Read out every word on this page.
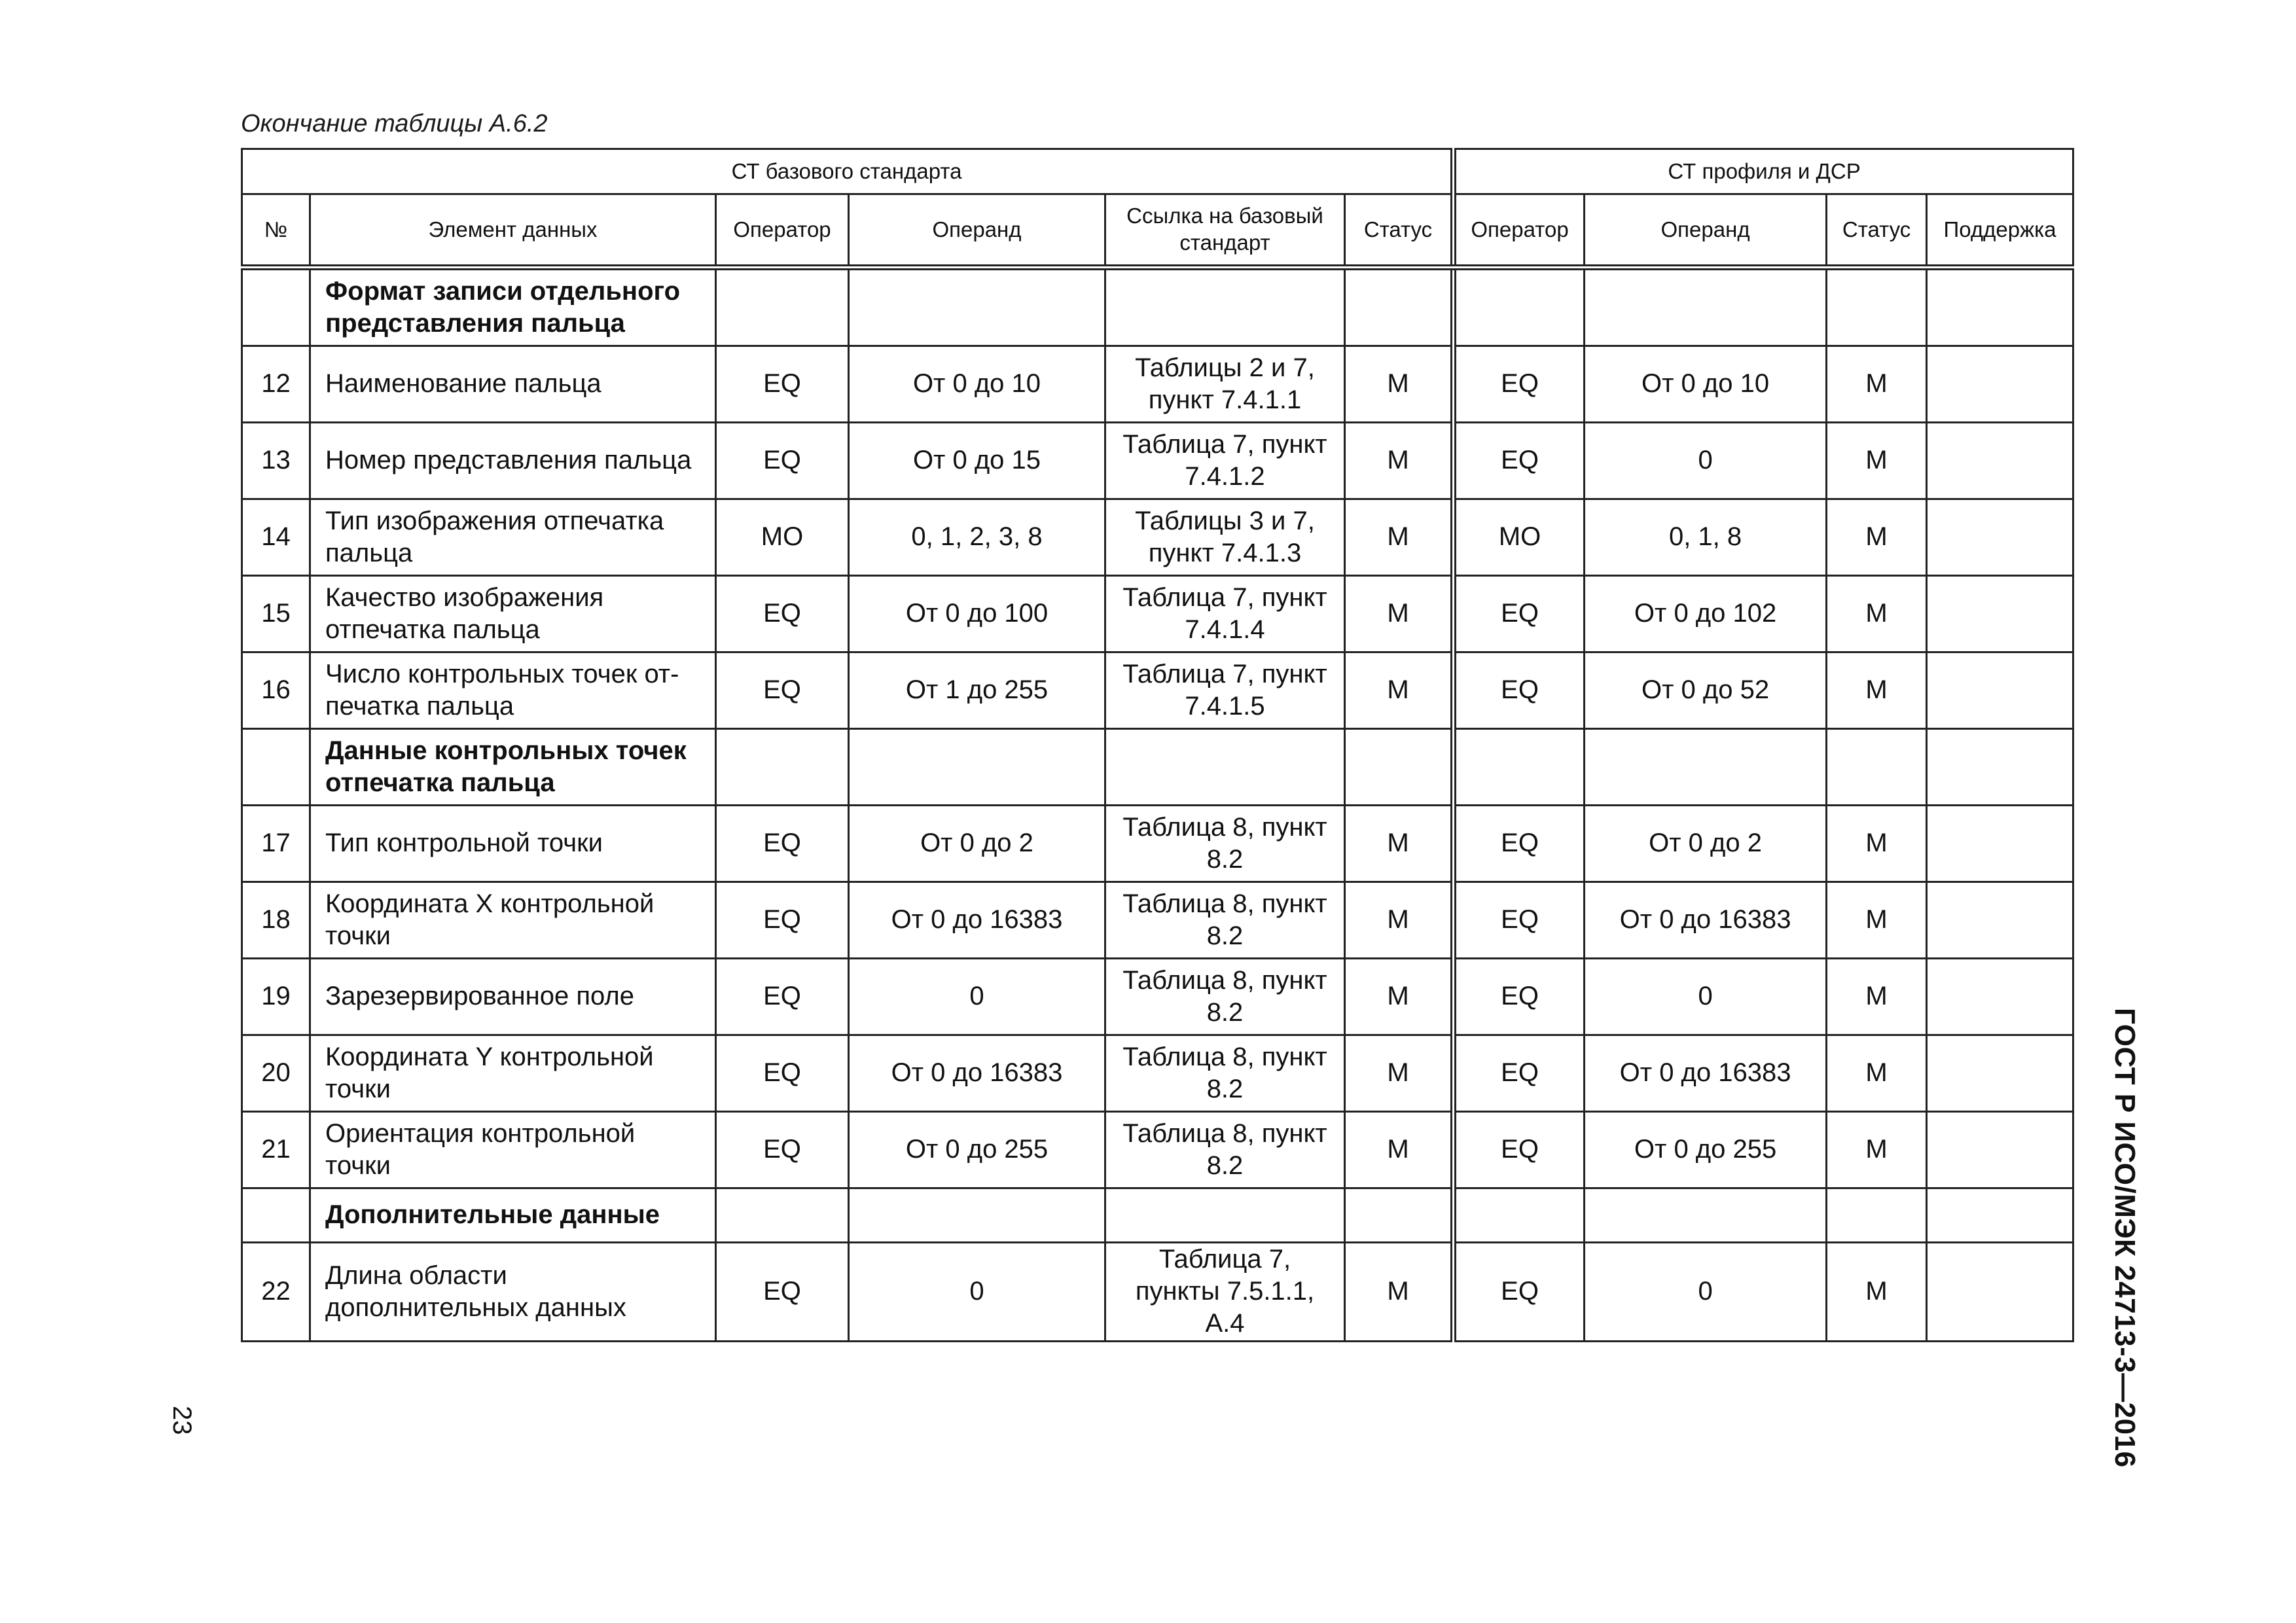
Окончание таблицы А.6.2
СТ базового стандарта						СТ профиля и ДСР			
№	Элемент данных	Оператор	Операнд	Ссылка на базовый стандарт	Статус	Оператор	Операнд	Статус	Поддержка
	Формат записи отдельного представления пальца								
12	Наименование пальца	EQ	От 0 до 10	Таблицы 2 и 7, пункт 7.4.1.1	M	EQ	От 0 до 10	M	
13	Номер представления пальца	EQ	От 0 до 15	Таблица 7, пункт 7.4.1.2	M	EQ	0	M	
14	Тип изображения отпечатка пальца	MO	0, 1, 2, 3, 8	Таблицы 3 и 7, пункт 7.4.1.3	M	MO	0, 1, 8	M	
15	Качество изображения отпечатка пальца	EQ	От 0 до 100	Таблица 7, пункт 7.4.1.4	M	EQ	От 0 до 102	M	
16	Число контрольных точек от-печатка пальца	EQ	От 1 до 255	Таблица 7, пункт 7.4.1.5	M	EQ	От 0 до 52	M	
	Данные контрольных точек отпечатка пальца								
17	Тип контрольной точки	EQ	От 0 до 2	Таблица 8, пункт 8.2	M	EQ	От 0 до 2	M	
18	Координата X контрольной точки	EQ	От 0 до 16383	Таблица 8, пункт 8.2	M	EQ	От 0 до 16383	M	
19	Зарезервированное поле	EQ	0	Таблица 8, пункт 8.2	M	EQ	0	M	
20	Координата Y контрольной точки	EQ	От 0 до 16383	Таблица 8, пункт 8.2	M	EQ	От 0 до 16383	M	
21	Ориентация контрольной точки	EQ	От 0 до 255	Таблица 8, пункт 8.2	M	EQ	От 0 до 255	M	
	Дополнительные данные								
22	Длина области дополнительных данных	EQ	0	Таблица 7, пункты 7.5.1.1, А.4	M	EQ	0	M		ГОСТ Р ИСО/МЭК 24713-3—2016
23
